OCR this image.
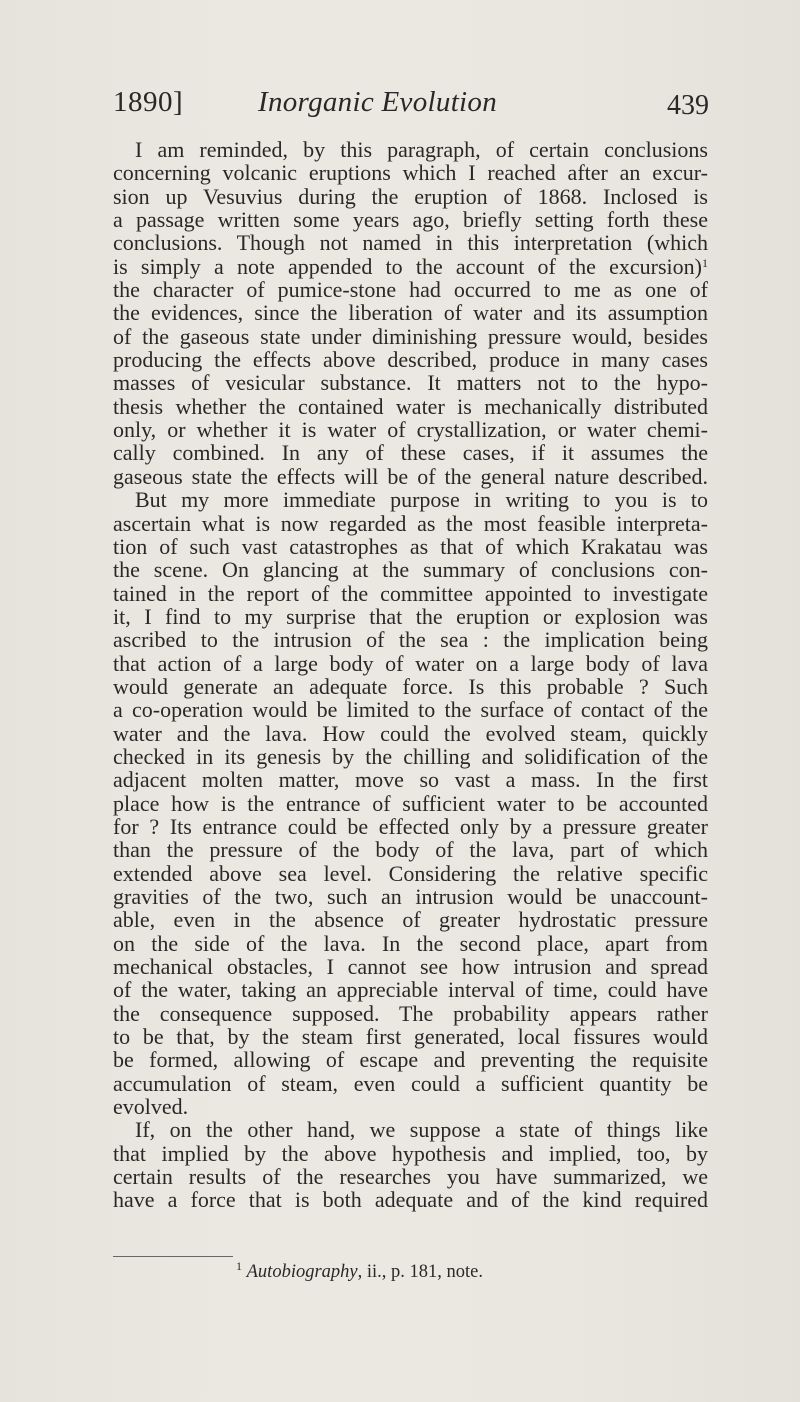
1890]	Inorganic Evolution	439
I am reminded, by this paragraph, of certain conclusions
concerning volcanic eruptions which I reached after an excur-
sion up Vesuvius during the eruption of 1868. Inclosed is
a passage written some years ago, briefly setting forth these
conclusions. Though not named in this interpretation (which
is simply a note appended to the account of the excursion)$^1$
the character of pumice-stone had occurred to me as one of
the evidences, since the liberation of water and its assumption
of the gaseous state under diminishing pressure would, besides
producing the effects above described, produce in many cases
masses of vesicular substance. It matters not to the hypo-
thesis whether the contained water is mechanically distributed
only, or whether it is water of crystallization, or water chemi-
cally combined. In any of these cases, if it assumes the
gaseous state the effects will be of the general nature described.
But my more immediate purpose in writing to you is to
ascertain what is now regarded as the most feasible interpreta-
tion of such vast catastrophes as that of which Krakatau was
the scene. On glancing at the summary of conclusions con-
tained in the report of the committee appointed to investigate
it, I find to my surprise that the eruption or explosion was
ascribed to the intrusion of the sea : the implication being
that action of a large body of water on a large body of lava
would generate an adequate force. Is this probable ? Such
a co-operation would be limited to the surface of contact of the
water and the lava. How could the evolved steam, quickly
checked in its genesis by the chilling and solidification of the
adjacent molten matter, move so vast a mass. In the first
place how is the entrance of sufficient water to be accounted
for ? Its entrance could be effected only by a pressure greater
than the pressure of the body of the lava, part of which
extended above sea level. Considering the relative specific
gravities of the two, such an intrusion would be unaccount-
able, even in the absence of greater hydrostatic pressure
on the side of the lava. In the second place, apart from
mechanical obstacles, I cannot see how intrusion and spread
of the water, taking an appreciable interval of time, could have
the consequence supposed. The probability appears rather
to be that, by the steam first generated, local fissures would
be formed, allowing of escape and preventing the requisite
accumulation of steam, even could a sufficient quantity be
evolved.
If, on the other hand, we suppose a state of things like
that implied by the above hypothesis and implied, too, by
certain results of the researches you have summarized, we
have a force that is both adequate and of the kind required
$^1$ Autobiography, ii., p. 181, note.
